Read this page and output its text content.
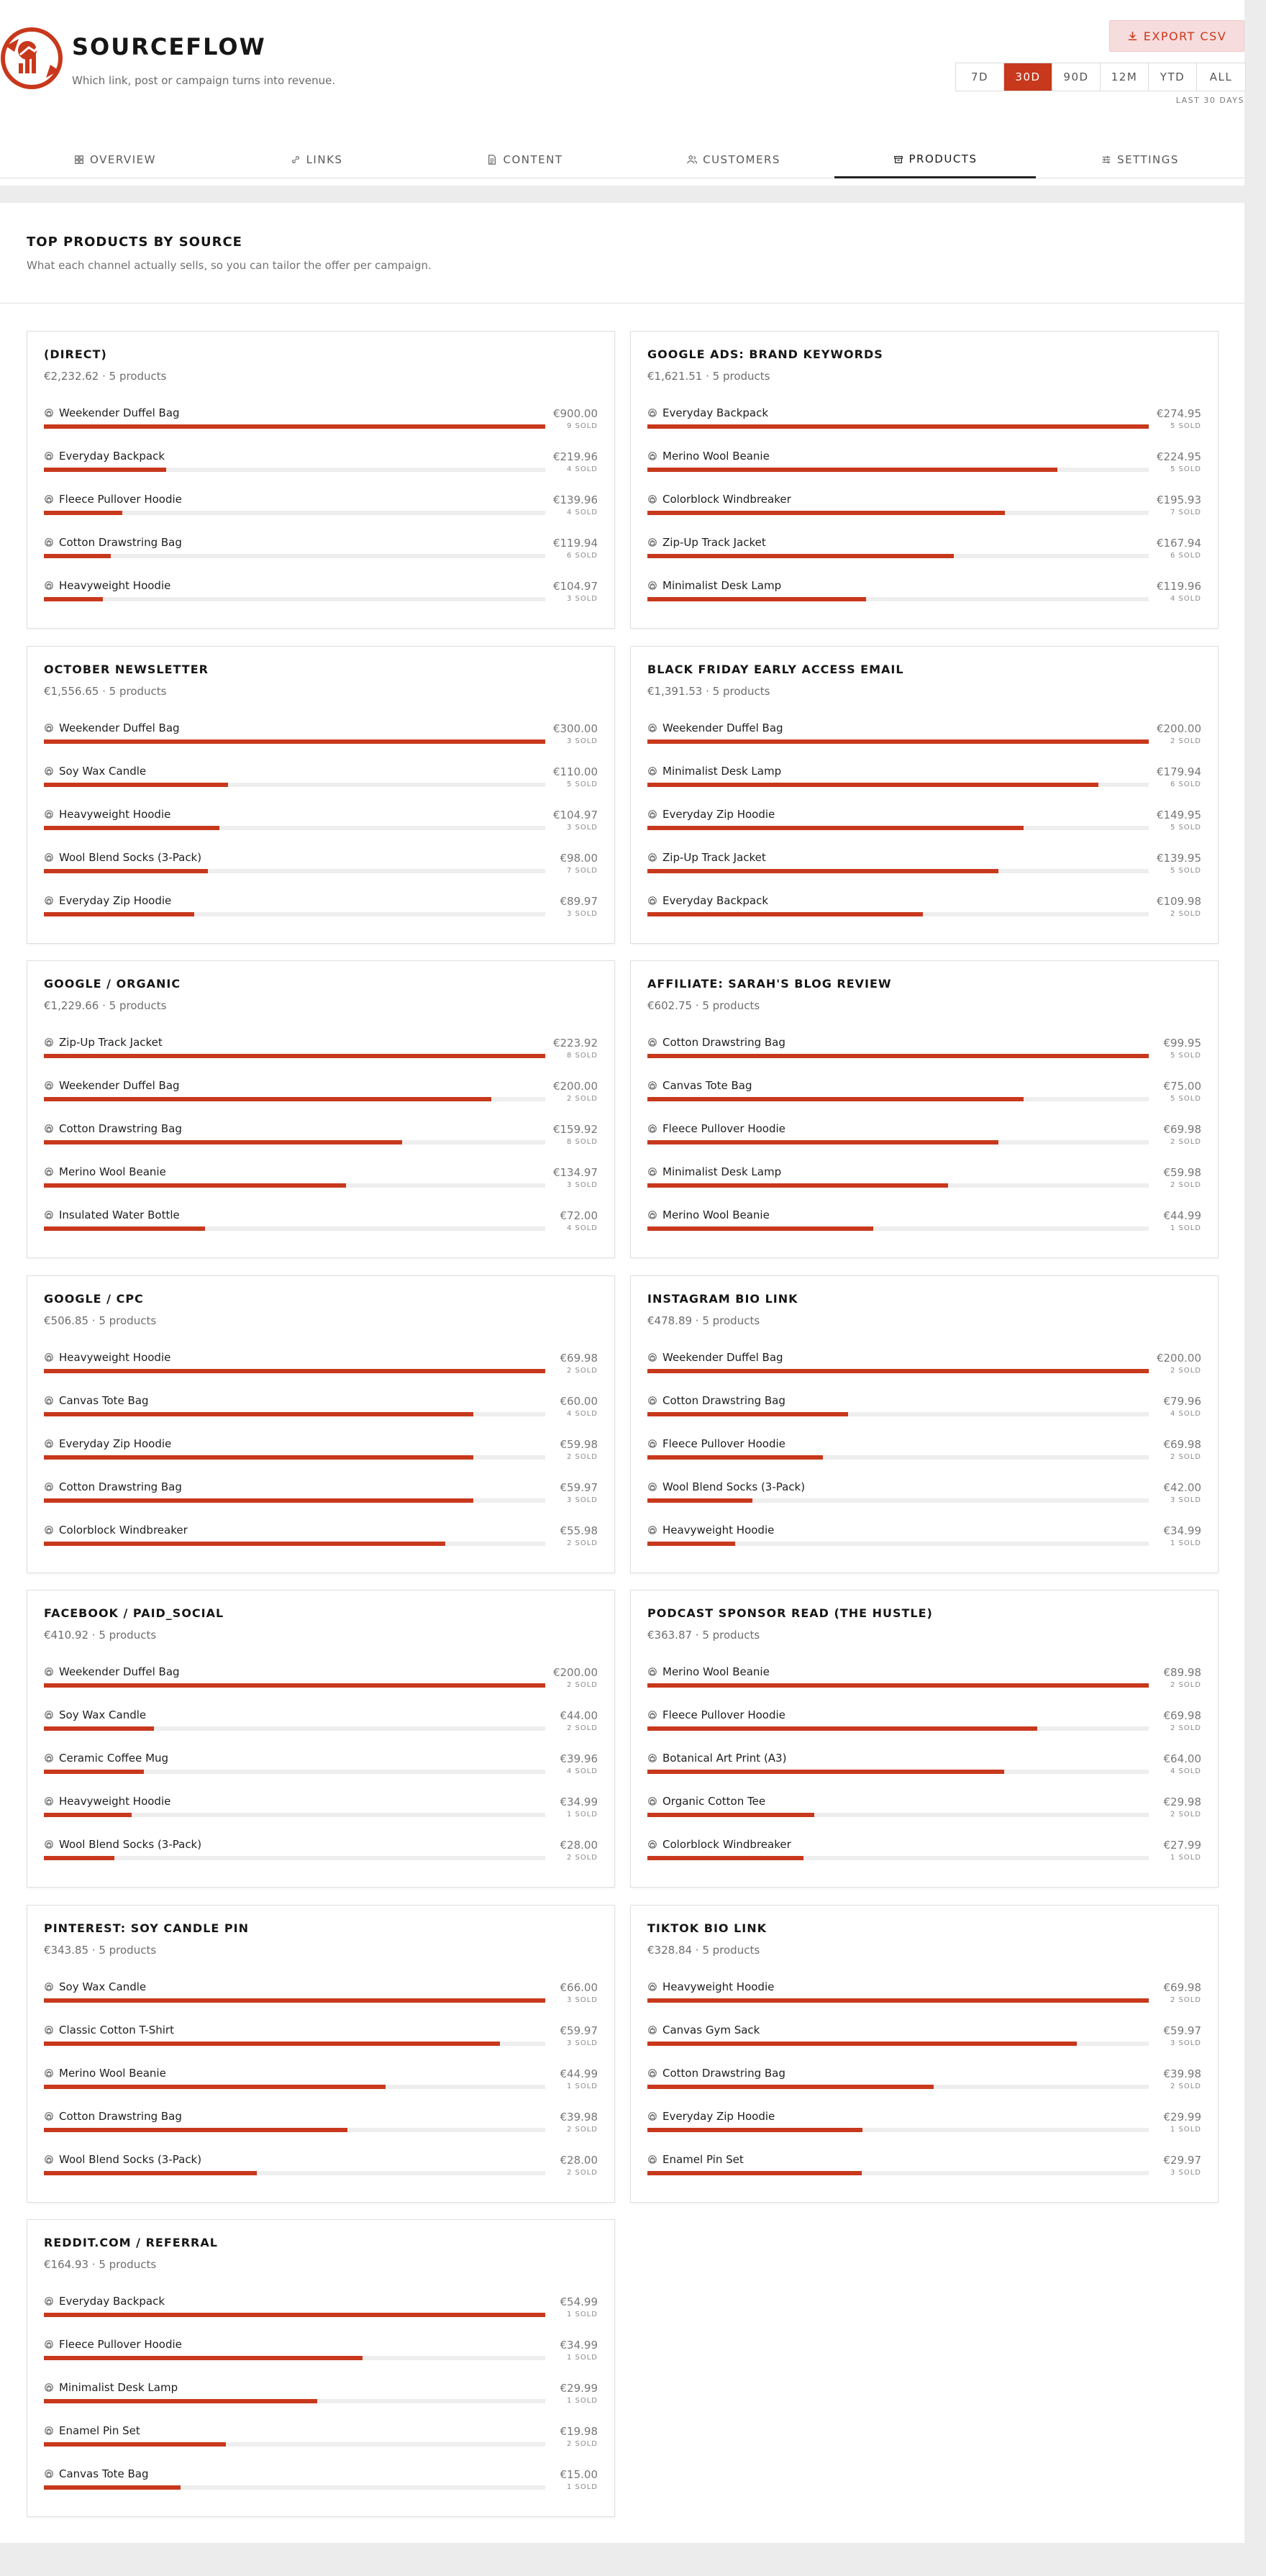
SOURCEFLOW
Which link, post or campaign turns into revenue.
EXPORT CSV
7D	30D	90D	12M	YTD	ALL
LAST 30 DAYS
OVERVIEW	LINKS	CONTENT	CUSTOMERS	PRODUCTS	SETTINGS
TOP PRODUCTS BY SOURCE
What each channel actually sells, so you can tailor the offer per campaign.
(DIRECT)
€2,232.62 · 5 products
Weekender Duffel Bag	€900.00
9 SOLD
Everyday Backpack	€219.96
4 SOLD
Fleece Pullover Hoodie	€139.96
4 SOLD
Cotton Drawstring Bag	€119.94
6 SOLD
Heavyweight Hoodie	€104.97
3 SOLD
GOOGLE ADS: BRAND KEYWORDS
€1,621.51 · 5 products
Everyday Backpack	€274.95
5 SOLD
Merino Wool Beanie	€224.95
5 SOLD
Colorblock Windbreaker	€195.93
7 SOLD
Zip-Up Track Jacket	€167.94
6 SOLD
Minimalist Desk Lamp	€119.96
4 SOLD
OCTOBER NEWSLETTER
€1,556.65 · 5 products
Weekender Duffel Bag	€300.00
3 SOLD
Soy Wax Candle	€110.00
5 SOLD
Heavyweight Hoodie	€104.97
3 SOLD
Wool Blend Socks (3-Pack)	€98.00
7 SOLD
Everyday Zip Hoodie	€89.97
3 SOLD
BLACK FRIDAY EARLY ACCESS EMAIL
€1,391.53 · 5 products
Weekender Duffel Bag	€200.00
2 SOLD
Minimalist Desk Lamp	€179.94
6 SOLD
Everyday Zip Hoodie	€149.95
5 SOLD
Zip-Up Track Jacket	€139.95
5 SOLD
Everyday Backpack	€109.98
2 SOLD
GOOGLE / ORGANIC
€1,229.66 · 5 products
Zip-Up Track Jacket	€223.92
8 SOLD
Weekender Duffel Bag	€200.00
2 SOLD
Cotton Drawstring Bag	€159.92
8 SOLD
Merino Wool Beanie	€134.97
3 SOLD
Insulated Water Bottle	€72.00
4 SOLD
AFFILIATE: SARAH'S BLOG REVIEW
€602.75 · 5 products
Cotton Drawstring Bag	€99.95
5 SOLD
Canvas Tote Bag	€75.00
5 SOLD
Fleece Pullover Hoodie	€69.98
2 SOLD
Minimalist Desk Lamp	€59.98
2 SOLD
Merino Wool Beanie	€44.99
1 SOLD
GOOGLE / CPC
€506.85 · 5 products
Heavyweight Hoodie	€69.98
2 SOLD
Canvas Tote Bag	€60.00
4 SOLD
Everyday Zip Hoodie	€59.98
2 SOLD
Cotton Drawstring Bag	€59.97
3 SOLD
Colorblock Windbreaker	€55.98
2 SOLD
INSTAGRAM BIO LINK
€478.89 · 5 products
Weekender Duffel Bag	€200.00
2 SOLD
Cotton Drawstring Bag	€79.96
4 SOLD
Fleece Pullover Hoodie	€69.98
2 SOLD
Wool Blend Socks (3-Pack)	€42.00
3 SOLD
Heavyweight Hoodie	€34.99
1 SOLD
FACEBOOK / PAID_SOCIAL
€410.92 · 5 products
Weekender Duffel Bag	€200.00
2 SOLD
Soy Wax Candle	€44.00
2 SOLD
Ceramic Coffee Mug	€39.96
4 SOLD
Heavyweight Hoodie	€34.99
1 SOLD
Wool Blend Socks (3-Pack)	€28.00
2 SOLD
PODCAST SPONSOR READ (THE HUSTLE)
€363.87 · 5 products
Merino Wool Beanie	€89.98
2 SOLD
Fleece Pullover Hoodie	€69.98
2 SOLD
Botanical Art Print (A3)	€64.00
4 SOLD
Organic Cotton Tee	€29.98
2 SOLD
Colorblock Windbreaker	€27.99
1 SOLD
PINTEREST: SOY CANDLE PIN
€343.85 · 5 products
Soy Wax Candle	€66.00
3 SOLD
Classic Cotton T-Shirt	€59.97
3 SOLD
Merino Wool Beanie	€44.99
1 SOLD
Cotton Drawstring Bag	€39.98
2 SOLD
Wool Blend Socks (3-Pack)	€28.00
2 SOLD
TIKTOK BIO LINK
€328.84 · 5 products
Heavyweight Hoodie	€69.98
2 SOLD
Canvas Gym Sack	€59.97
3 SOLD
Cotton Drawstring Bag	€39.98
2 SOLD
Everyday Zip Hoodie	€29.99
1 SOLD
Enamel Pin Set	€29.97
3 SOLD
REDDIT.COM / REFERRAL
€164.93 · 5 products
Everyday Backpack	€54.99
1 SOLD
Fleece Pullover Hoodie	€34.99
1 SOLD
Minimalist Desk Lamp	€29.99
1 SOLD
Enamel Pin Set	€19.98
2 SOLD
Canvas Tote Bag	€15.00
1 SOLD
